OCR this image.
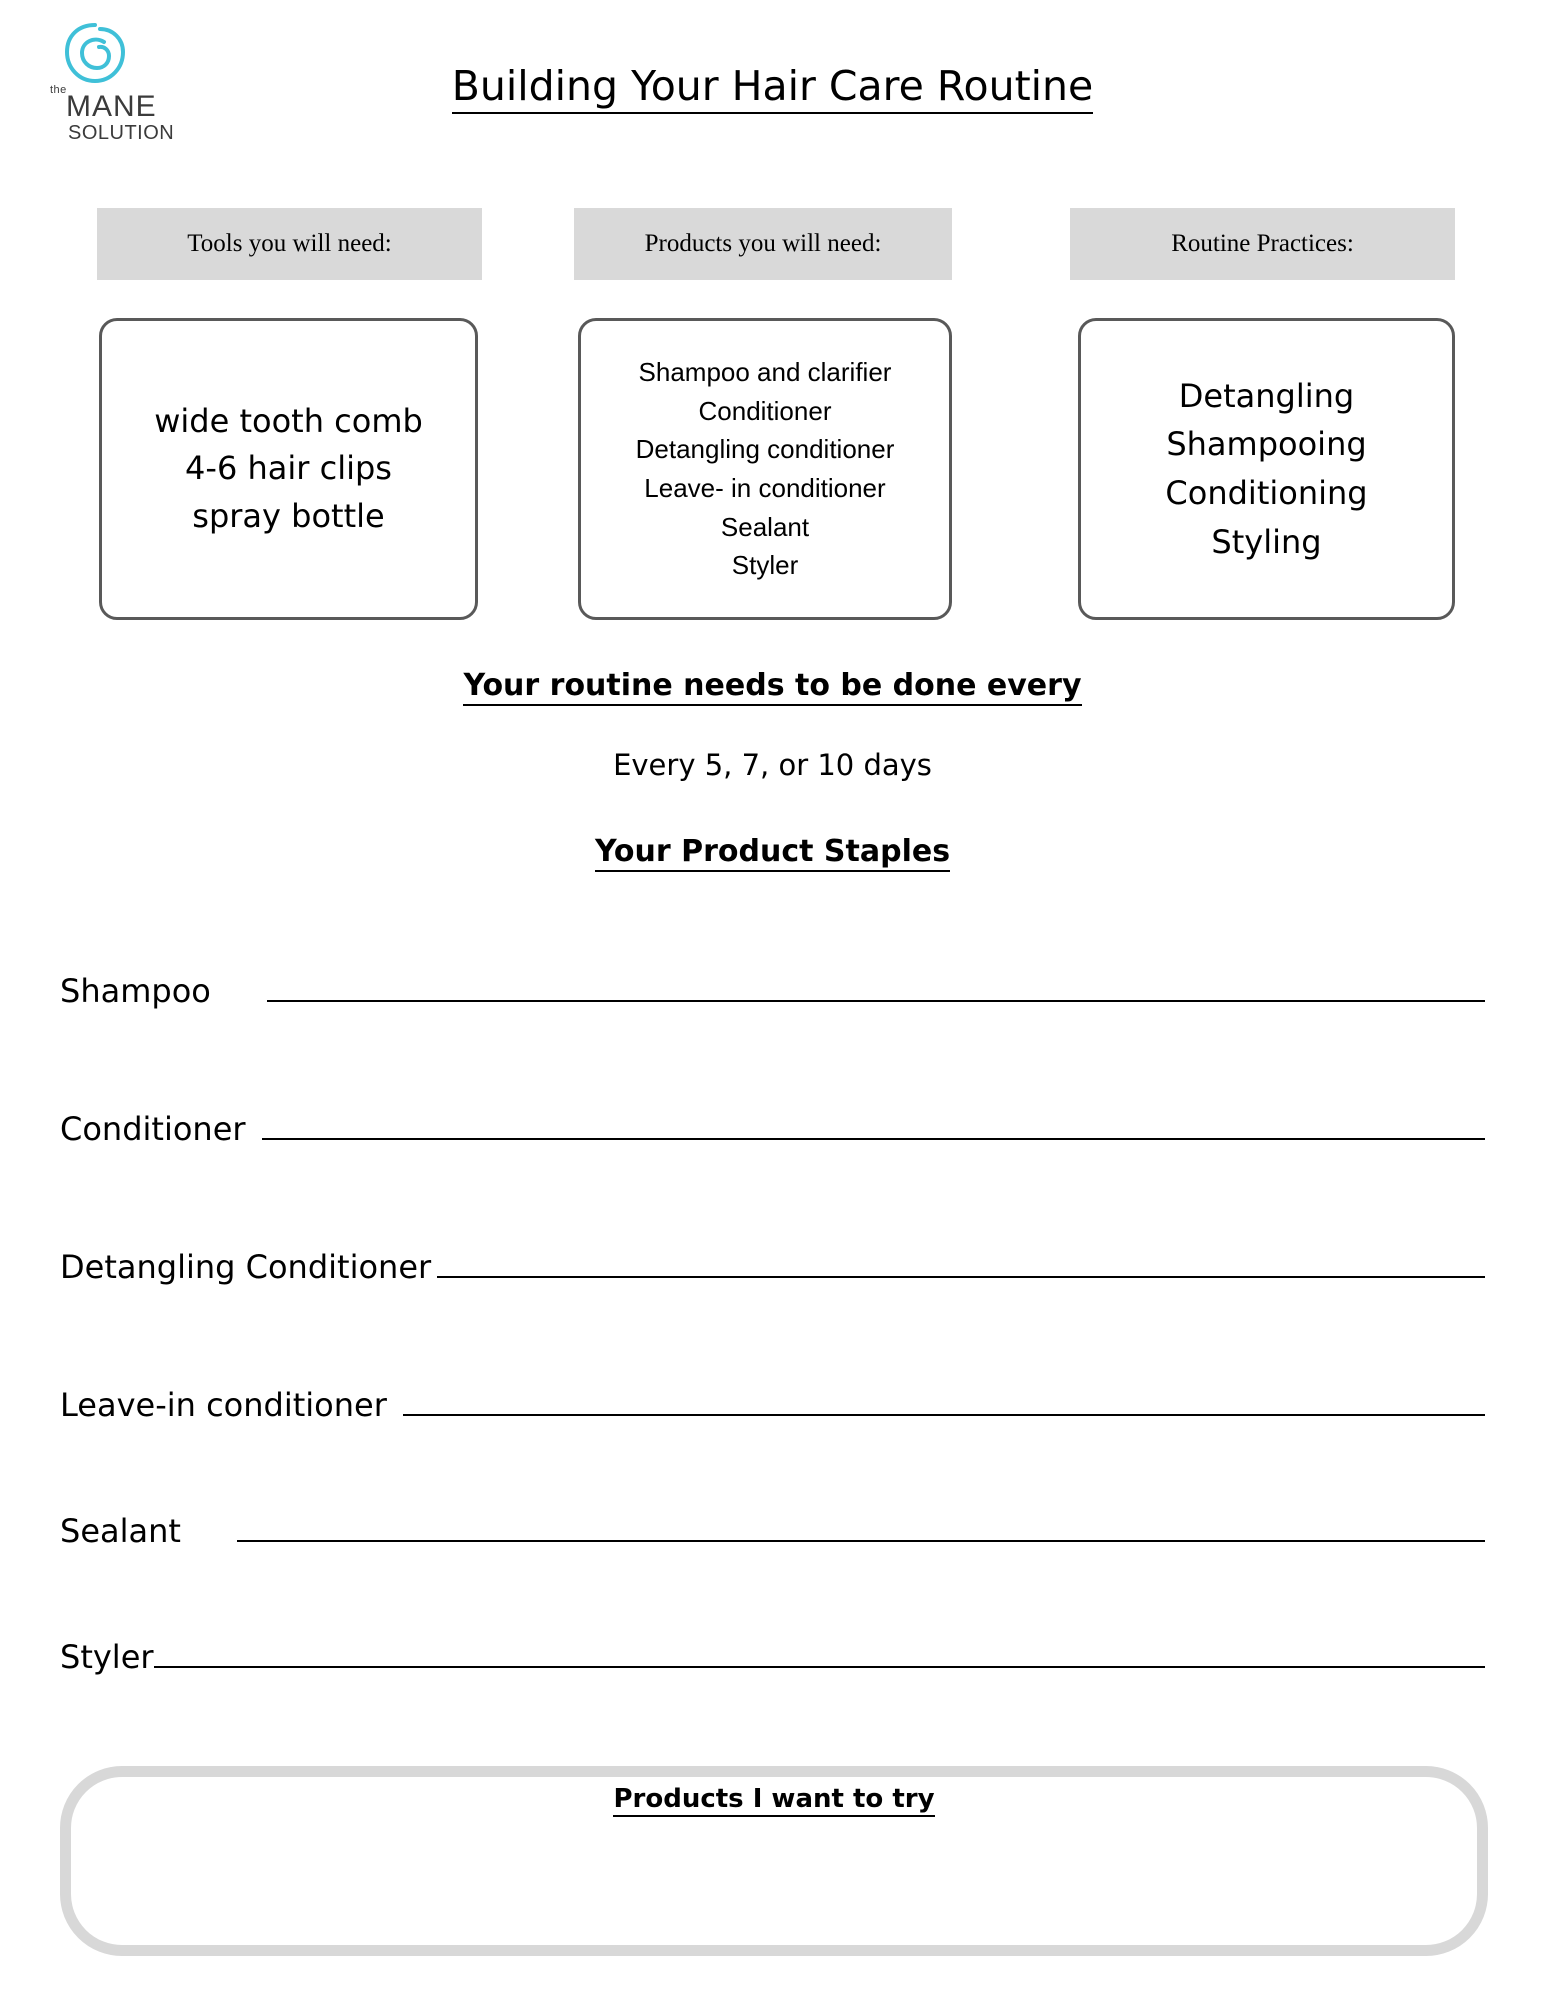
the MANE
SOLUTION
Building Your Hair Care Routine
Tools you will need:	Products you will need:	Routine Practices:
wide tooth comb
4-6 hair clips
spray bottle
Shampoo and clarifier
Conditioner
Detangling conditioner
Leave- in conditioner
Sealant
Styler
Detangling
Shampooing
Conditioning
Styling
Your routine needs to be done every
Every 5, 7, or 10 days
Your Product Staples
Shampoo
Conditioner
Detangling Conditioner
Leave-in conditioner
Sealant
Styler
Products I want to try
